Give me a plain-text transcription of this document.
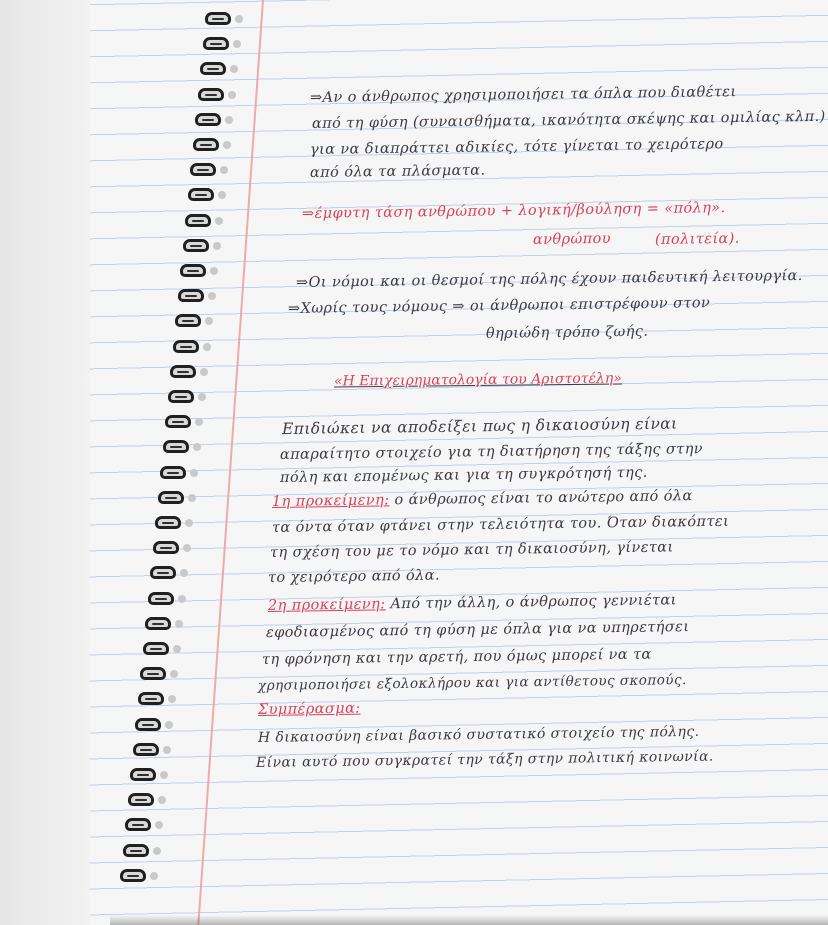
⇒Αν ο άνθρωπος χρησιμοποιήσει τα όπλα που διαθέτει
από τη φύση (συναισθήματα, ικανότητα σκέψης και ομιλίας κλπ.)
για να διαπράττει αδικίες, τότε γίνεται το χειρότερο
από όλα τα πλάσματα.
⇒έμφυτη τάση ανθρώπου + λογική/βούληση = «πόλη».
ανθρώπου	(πολιτεία).
⇒Οι νόμοι και οι θεσμοί της πόλης έχουν παιδευτική λειτουργία.
⇒Χωρίς τους νόμους ⇒ οι άνθρωποι επιστρέφουν στον
θηριώδη τρόπο ζωής.
«Η Επιχειρηματολογία του Αριστοτέλη»
Επιδιώκει να αποδείξει πως η δικαιοσύνη είναι
απαραίτητο στοιχείο για τη διατήρηση της τάξης στην
πόλη και επομένως και για τη συγκρότησή της.
1η προκείμενη: ο άνθρωπος είναι το ανώτερο από όλα
τα όντα όταν φτάνει στην τελειότητα του. Όταν διακόπτει
τη σχέση του με το νόμο και τη δικαιοσύνη, γίνεται
το χειρότερο από όλα.
2η προκείμενη: Από την άλλη, ο άνθρωπος γεννιέται
εφοδιασμένος από τη φύση με όπλα για να υπηρετήσει
τη φρόνηση και την αρετή, που όμως μπορεί να τα
χρησιμοποιήσει εξολοκλήρου και για αντίθετους σκοπούς.
Συμπέρασμα:
Η δικαιοσύνη είναι βασικό συστατικό στοιχείο της πόλης.
Είναι αυτό που συγκρατεί την τάξη στην πολιτική κοινωνία.
